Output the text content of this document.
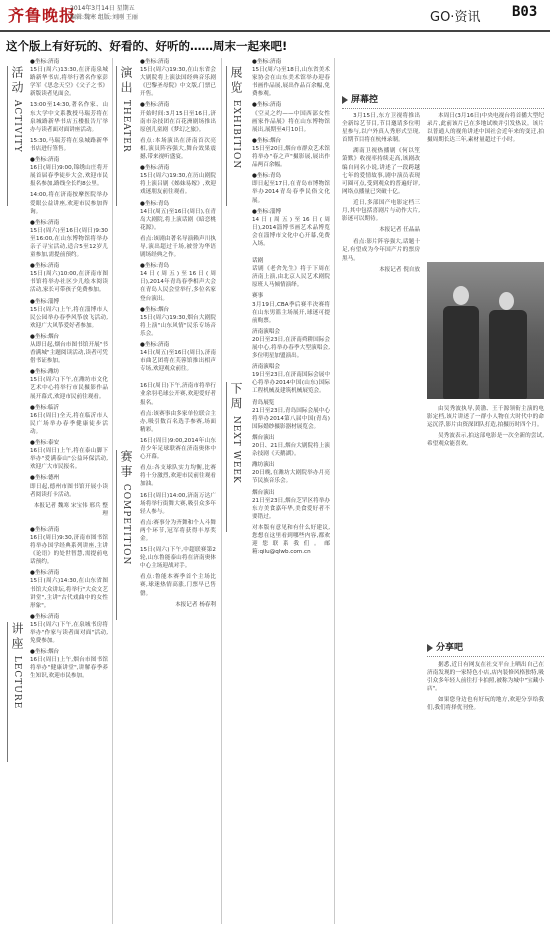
齐鲁晚报
2014年3月14日 星期五
编辑:魏寒 组版:刘刚 王丽	GO·资讯 B03
这个版上有好玩的、好看的、好听的……周末一起来吧!
活动 ACTIVITY
讲座 LECTURE
●坐标:济南
15日(周六)13:30,在济南泉城路新华书店,将举行著名作家彭学军《思念天空》《父子之书》新版读者见面会。
13:00至14:30,著名作家、山东大学中文系教授马瑞芳将在泉城路新华书店五楼报告厅举办与读者面对面讲座活动。
15:30,马瑞芳将在泉城路新华书店进行签售。
●坐标:济南
16日(周日)9:00,锦绣山庄将开展首届春季徒步大会,欢迎市民报名参加,路线全长约8公里。
14:00,将在济南按摩医院举办爱眼公益讲座,欢迎市民参加咨询。
●坐标:济南
15日(周六)至16日(周日)9:30至16:00,在山东博物馆将举办亲子寻宝活动,适合5至12岁儿童参加,需提前预约。
●坐标:济南
15日(周六)10:00,在济南市图书馆将举办社区少儿绘本阅读活动,家长可带孩子免费参加。
●坐标:淄博
15日(周六)上午,将在淄博市人民公园举办春季风筝放飞活动,欢迎广大风筝爱好者参加。
●坐标:烟台
从即日起,烟台市图书馆开展"书香满城"主题阅读活动,读者可凭借书证参加。
●坐标:潍坊
15日(周六)下午,在潍坊市文化艺术中心将举行市民摄影作品展开幕式,欢迎市民前往观看。
●坐标:临沂
16日(周日)全天,将在临沂市人民广场举办春季健康徒步活动。
●坐标:泰安
16日(周日)上午,将在泰山脚下举办"爱满泰山"公益环保活动,欢迎广大市民报名。
●坐标:德州
即日起,德州市图书馆开展小读者阅读打卡活动。
本报记者 魏寒 宋宝伟 邢兵 整理
●坐标:济南
16日(周日)9:30,济南市图书馆将举办国学经典系列讲座,主讲《论语》的处世智慧,需提前电话预约。
●坐标:济南
15日(周六)14:30,在山东省图书馆大众讲坛,将举行"大众文艺讲堂",主讲"古代戏曲中的女性形象"。
●坐标:济南
15日(周六)下午,在泉城书房将举办"作家与读者面对面"活动,免费参加。
●坐标:烟台
16日(周日)上午,烟台市图书馆将举办"健康讲堂",讲解春季养生知识,欢迎市民参加。
演出 THEATER
赛事 COMPETITION
●坐标:济南
15日(周六)19:30,在山东省会大剧院将上演法国经典音乐剧《巴黎圣母院》中文版,门票已开售。
●坐标:济南
开始时间:3月15日至16日,济南市杂技团在百花洲剧场推出原创儿童剧《梦幻之旅》。
看点:本场演出在济南首次亮相,演员阵容强大,舞台效果震撼,带来视听盛宴。
●坐标:济南
15日(周六)19:30,在历山剧院将上演吕剧《姊妹易嫁》,欢迎戏迷朋友前往观看。
●坐标:青岛
14日(周五)至16日(周日),在青岛大剧院,将上演话剧《暗恋桃花源》。
看点:该剧由著名导演赖声川执导,演出超过千场,被誉为华语剧场经典之作。
●坐标:青岛
14日(周五)至16日(周日),2014年青岛春季相声大会在青岛人民会堂举行,多位名家登台演出。
●坐标:烟台
15日(周六)19:30,烟台大剧院将上演"山东风情"民乐专场音乐会。
●坐标:济南
14日(周五)至16日(周日),济南市曲艺团将在芙蓉馆推出相声专场,欢迎观众前往。
16日(周日)下午,济南市将举行业余羽毛球公开赛,欢迎爱好者报名。
看点:该赛事由多家单位联合主办,吸引数百名选手参赛,场面精彩。
16日(周日)9:00,2014年山东青少年足球联赛在济南奥体中心开幕。
看点:各支球队实力均衡,比赛将十分激烈,欢迎市民前往观看加油。
16日(周日)14:00,济南万达广场将举行街舞大赛,吸引众多年轻人参与。
看点:赛事分为齐舞和个人斗舞两个环节,冠军将获得丰厚奖金。
15日(周六)下午,中超联赛第2轮,山东鲁能泰山将在济南奥体中心主场迎战对手。
看点:鲁能本赛季首个主场比赛,球迷热情高涨,门票早已售罄。
本报记者 杨春利
展览 EXHIBITION
下周 NEXT WEEK
●坐标:济南
15日(周六)至18日,山东省美术家协会在山东美术馆举办迎春书画作品展,展出作品百余幅,免费参观。
●坐标:济南
《空灵之约——中国西部女性画家作品展》将在山东博物馆展出,展期至4月10日。
●坐标:烟台
15日至20日,烟台市群众艺术馆将举办"春之声"摄影展,展出作品两百余幅。
●坐标:青岛
即日起至17日,在青岛市博物馆举办2014青岛春季民俗文化展。
●坐标:淄博
14日(周五)至16日(周日),2014淄博书画艺术品博览会在淄博市文化中心开幕,免费入场。
话剧
话剧《老舍先生》将于下周在济南上演,由北京人民艺术剧院原班人马倾情演绎。
赛事
3月19日,CBA季后赛半决赛将在山东男篮主场展开,球迷可提前购票。
济南演唱会
20日至23日,在济南舜耕国际会展中心,将举办春季大型演唱会,多位明星加盟演出。
济南演唱会
19日至23日,在济南国际会展中心将举办2014中国(山东)国际工程机械及建筑机械展览会。
青岛展览
21日至23日,青岛国际会展中心将举办2014第八届中国(青岛)国际婚纱摄影器材展览会。
烟台演出
20日、21日,烟台大剧院将上演杂技剧《天鹅湖》。
潍坊演出
20日晚,在潍坊大剧院举办月亮节民族音乐会。
烟台演出
21日至23日,烟台芝罘区将举办东方美食嘉年华,美食爱好者不要错过。
对本版有意见和有什么好建议,您想在这里看到哪些内容,都欢迎您联系我们。邮箱:qilu@qlwb.com.cn
屏幕控
3月15日,东方卫视将推出全新综艺节目,节目邀请多位明星参与,以户外真人秀形式呈现,首期节目将在杭州录制。
湖南卫视热播剧《何以笙箫默》收视率持续走高,该剧改编自同名小说,讲述了一段跨越七年的爱情故事,剧中演员表现可圈可点,受到观众的普遍好评,网络点播量已突破十亿。
近日,多部国产电影定档三月,其中包括喜剧片与动作大片,影迷可以期待。
本报记者 任晶晶
看点:影片阵容强大,话题十足,有望成为今年国产片的票房黑马。
本报记者 倪自放
本周日(3月16日)中央电视台将首播大型纪录片,此前该片已在多地试映并引发热议。该片以普通人的视角讲述中国社会近年来的变迁,拍摄周期长达三年,素材量超过千小时。
由吴秀波执导,黄渤、王千源领衔主演的电影定档,该片讲述了一群小人物在大时代中的命运沉浮,影片由资深团队打造,拍摄历时四个月。
吴秀波表示,拍这部电影是一次全新的尝试,希望观众能喜欢。
分享吧
据悉,近日有网友在社交平台上晒出自己在济南发现的一家特色小店,店内装修风格独特,吸引众多年轻人前往打卡拍照,被称为城中"宝藏小店"。
如果您身边也有好玩的地方,欢迎分享给我们,我们将择优刊登。
